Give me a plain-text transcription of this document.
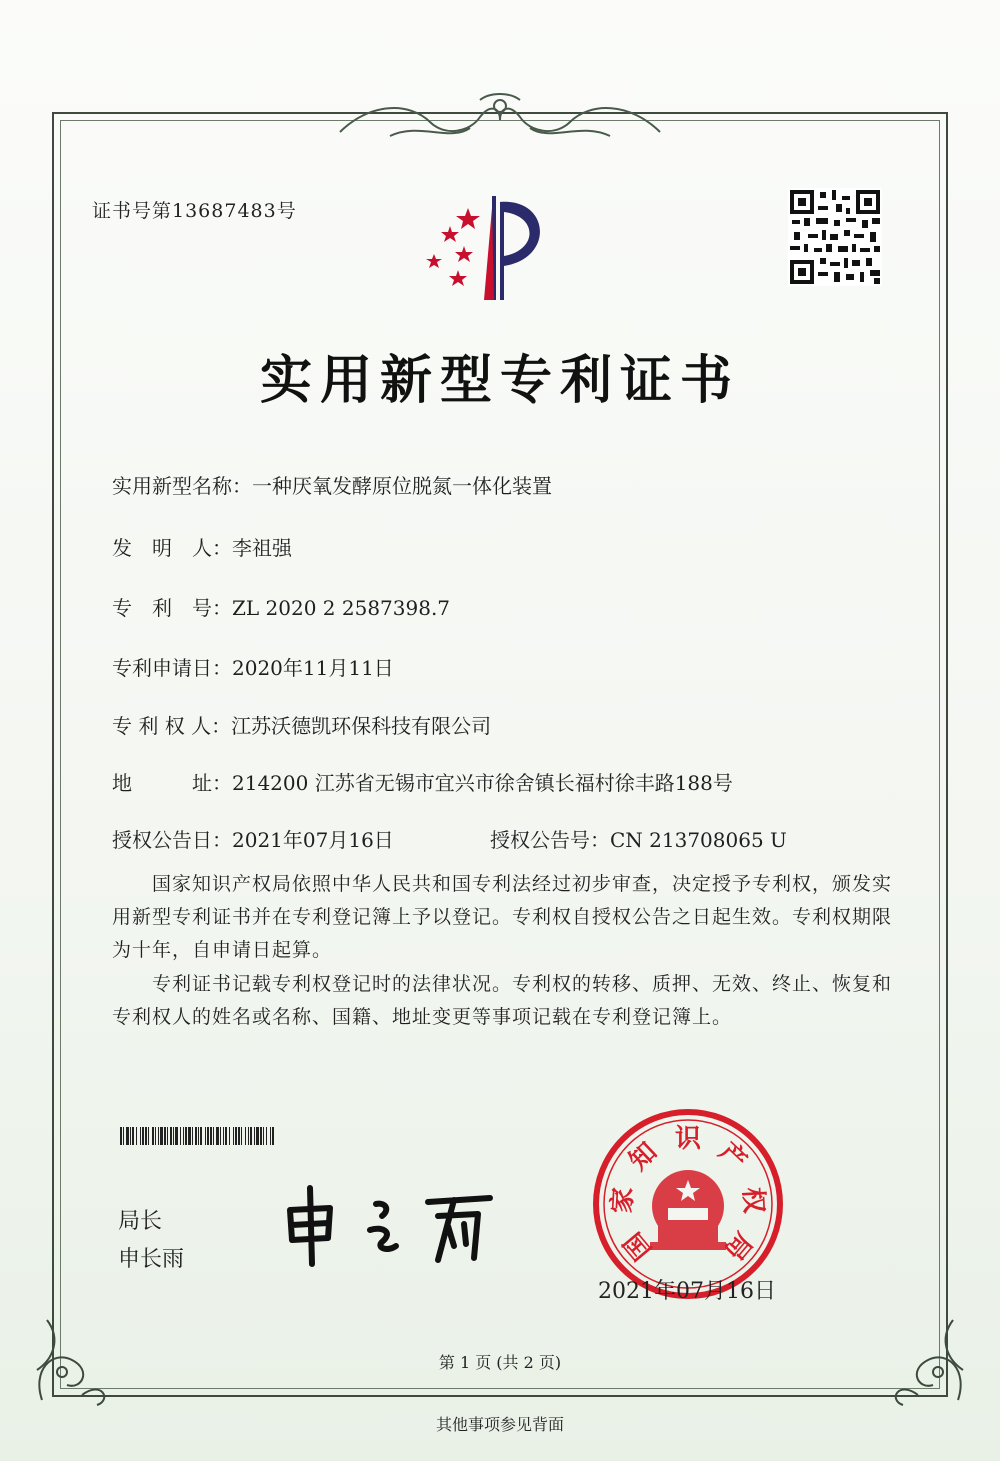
证书号第13687483号
实用新型专利证书
实用新型名称：一种厌氧发酵原位脱氮一体化装置
发　明　人：李祖强
专　利　号：ZL 2020 2 2587398.7
专利申请日：2020年11月11日
专 利 权 人：江苏沃德凯环保科技有限公司
地　　　址：214200 江苏省无锡市宜兴市徐舍镇长福村徐丰路188号
授权公告日：2021年07月16日	授权公告号：CN 213708065 U
国家知识产权局依照中华人民共和国专利法经过初步审查，决定授予专利权，颁发实用新型专利证书并在专利登记簿上予以登记。专利权自授权公告之日起生效。专利权期限为十年，自申请日起算。
专利证书记载专利权登记时的法律状况。专利权的转移、质押、无效、终止、恢复和专利权人的姓名或名称、国籍、地址变更等事项记载在专利登记簿上。
局长
申长雨	国
家
知 识 产
权
局
2021年07月16日
第 1 页 (共 2 页)
其他事项参见背面
